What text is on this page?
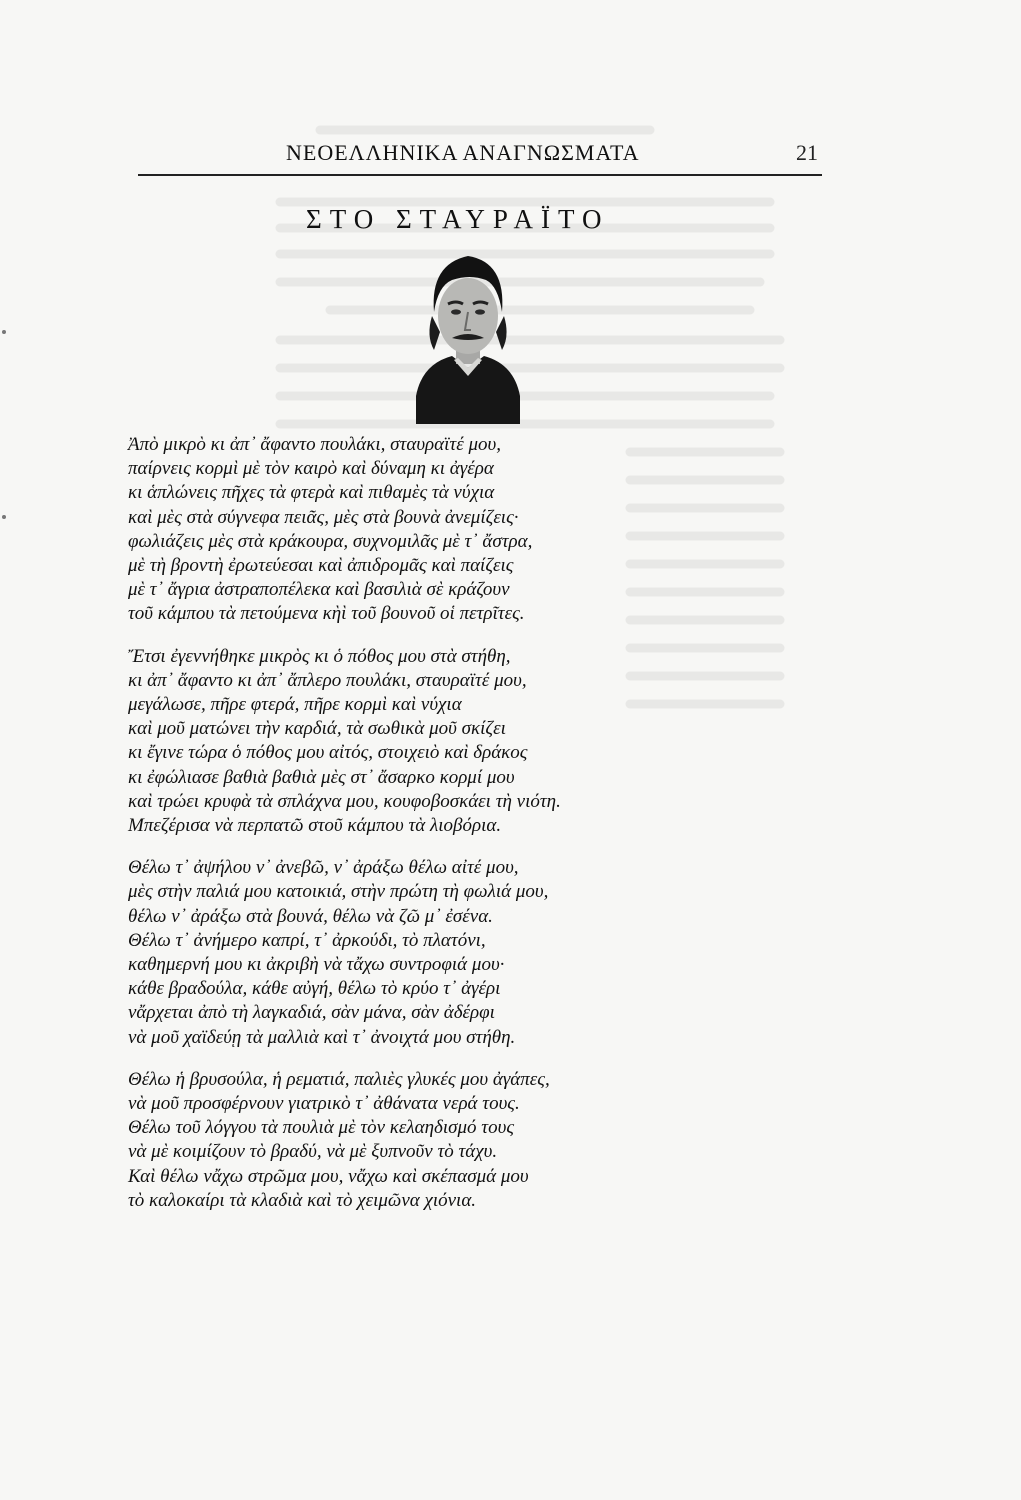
ΝΕΟΕΛΛΗΝΙΚΑ ΑΝΑΓΝΩΣΜΑΤΑ	21
ΣΤΟ ΣΤΑΥΡΑΪΤΟ
Ἀπὸ μικρὸ κι ἀπ᾽ ἄφαντο πουλάκι, σταυραϊτέ μου,
παίρνεις κορμὶ μὲ τὸν καιρὸ καὶ δύναμη κι ἀγέρα
κι ἁπλώνεις πῆχες τὰ φτερὰ καὶ πιθαμὲς τὰ νύχια
καὶ μὲς στὰ σύγνεφα πειᾶς, μὲς στὰ βουνὰ ἀνεμίζεις·
φωλιάζεις μὲς στὰ κράκουρα, συχνομιλᾶς μὲ τ᾽ ἄστρα,
μὲ τὴ βροντὴ ἐρωτεύεσαι καὶ ἀπιδρομᾶς καὶ παίζεις
μὲ τ᾽ ἄγρια ἀστραποπέλεκα καὶ βασιλιὰ σὲ κράζουν
τοῦ κάμπου τὰ πετούμενα κὴὶ τοῦ βουνοῦ οἱ πετρῖτες.
Ἔτσι ἐγεννήθηκε μικρὸς κι ὁ πόθος μου στὰ στήθη,
κι ἀπ᾽ ἄφαντο κι ἀπ᾽ ἄπλερο πουλάκι, σταυραϊτέ μου,
μεγάλωσε, πῆρε φτερά, πῆρε κορμὶ καὶ νύχια
καὶ μοῦ ματώνει τὴν καρδιά, τὰ σωθικὰ μοῦ σκίζει
κι ἔγινε τώρα ὁ πόθος μου αἰτός, στοιχειὸ καὶ δράκος
κι ἐφώλιασε βαθιὰ βαθιὰ μὲς στ᾽ ἄσαρκο κορμί μου
καὶ τρώει κρυφὰ τὰ σπλάχνα μου, κουφοβοσκάει τὴ νιότη.
Μπεζέρισα νὰ περπατῶ στοῦ κάμπου τὰ λιοβόρια.
Θέλω τ᾽ ἀψήλου ν᾽ ἀνεβῶ, ν᾽ ἀράξω θέλω αἰτέ μου,
μὲς στὴν παλιά μου κατοικιά, στὴν πρώτη τὴ φωλιά μου,
θέλω ν᾽ ἀράξω στὰ βουνά, θέλω νὰ ζῶ μ᾽ ἐσένα.
Θέλω τ᾽ ἀνήμερο καπρί, τ᾽ ἀρκούδι, τὸ πλατόνι,
καθημερνή μου κι ἀκριβὴ νὰ τἄχω συντροφιά μου·
κάθε βραδούλα, κάθε αὐγή, θέλω τὸ κρύο τ᾽ ἀγέρι
νἄρχεται ἀπὸ τὴ λαγκαδιά, σὰν μάνα, σὰν ἀδέρφι
νὰ μοῦ χαϊδεύῃ τὰ μαλλιὰ καὶ τ᾽ ἀνοιχτά μου στήθη.
Θέλω ἡ βρυσούλα, ἡ ρεματιά, παλιὲς γλυκές μου ἀγάπες,
νὰ μοῦ προσφέρνουν γιατρικὸ τ᾽ ἀθάνατα νερά τους.
Θέλω τοῦ λόγγου τὰ πουλιὰ μὲ τὸν κελαηδισμό τους
νὰ μὲ κοιμίζουν τὸ βραδύ, νὰ μὲ ξυπνοῦν τὸ τάχυ.
Καὶ θέλω νἄχω στρῶμα μου, νἄχω καὶ σκέπασμά μου
τὸ καλοκαίρι τὰ κλαδιὰ καὶ τὸ χειμῶνα χιόνια.
